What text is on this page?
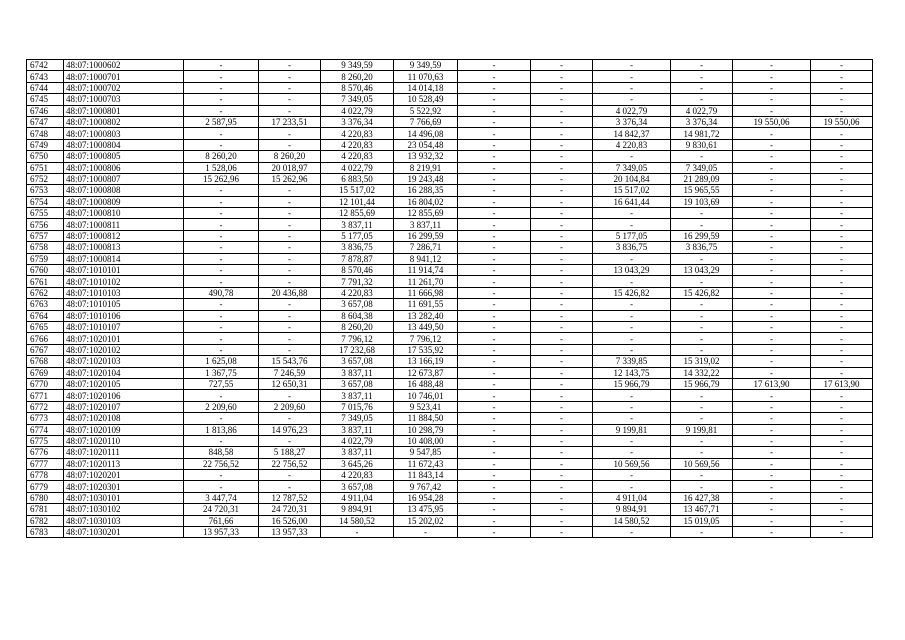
6742	48:07:1000602	-	-	9 349,59	9 349,59	-	-	-	-	-	-
6743	48:07:1000701	-	-	8 260,20	11 070,63	-	-	-	-	-	-
6744	48:07:1000702	-	-	8 570,46	14 014,18	-	-	-	-	-	-
6745	48:07:1000703	-	-	7 349,05	10 528,49	-	-	-	-	-	-
6746	48:07:1000801	-	-	4 022,79	5 522,92	-	-	4 022,79	4 022,79	-	-
6747	48:07:1000802	2 587,95	17 233,51	3 376,34	7 766,69	-	-	3 376,34	3 376,34	19 550,06	19 550,06
6748	48:07:1000803	-	-	4 220,83	14 496,08	-	-	14 842,37	14 981,72	-	-
6749	48:07:1000804	-	-	4 220,83	23 054,48	-	-	4 220,83	9 830,61	-	-
6750	48:07:1000805	8 260,20	8 260,20	4 220,83	13 932,32	-	-	-	-	-	-
6751	48:07:1000806	1 528,06	20 018,97	4 022,79	8 219,91	-	-	7 349,05	7 349,05	-	-
6752	48:07:1000807	15 262,96	15 262,96	6 883,50	19 243,48	-	-	20 104,84	21 289,09	-	-
6753	48:07:1000808	-	-	15 517,02	16 288,35	-	-	15 517,02	15 965,55	-	-
6754	48:07:1000809	-	-	12 101,44	16 804,02	-	-	16 641,44	19 103,69	-	-
6755	48:07:1000810	-	-	12 855,69	12 855,69	-	-	-	-	-	-
6756	48:07:1000811	-	-	3 837,11	3 837,11	-	-	-	-	-	-
6757	48:07:1000812	-	-	5 177,05	16 299,59	-	-	5 177,05	16 299,59	-	-
6758	48:07:1000813	-	-	3 836,75	7 286,71	-	-	3 836,75	3 836,75	-	-
6759	48:07:1000814	-	-	7 878,87	8 941,12	-	-	-	-	-	-
6760	48:07:1010101	-	-	8 570,46	11 914,74	-	-	13 043,29	13 043,29	-	-
6761	48:07:1010102	-	-	7 791,32	11 261,70	-	-	-	-	-	-
6762	48:07:1010103	490,78	20 436,88	4 220,83	11 666,98	-	-	15 426,82	15 426,82	-	-
6763	48:07:1010105	-	-	3 657,08	11 691,55	-	-	-	-	-	-
6764	48:07:1010106	-	-	8 604,38	13 282,40	-	-	-	-	-	-
6765	48:07:1010107	-	-	8 260,20	13 449,50	-	-	-	-	-	-
6766	48:07:1020101	-	-	7 796,12	7 796,12	-	-	-	-	-	-
6767	48:07:1020102	-	-	17 232,68	17 535,92	-	-	-	-	-	-
6768	48:07:1020103	1 625,08	15 543,76	3 657,08	13 166,19	-	-	7 339,85	15 319,02	-	-
6769	48:07:1020104	1 367,75	7 246,59	3 837,11	12 673,87	-	-	12 143,75	14 332,22	-	-
6770	48:07:1020105	727,55	12 650,31	3 657,08	16 488,48	-	-	15 966,79	15 966,79	17 613,90	17 613,90
6771	48:07:1020106	-	-	3 837,11	10 746,01	-	-	-	-	-	-
6772	48:07:1020107	2 209,60	2 209,60	7 015,76	9 523,41	-	-	-	-	-	-
6773	48:07:1020108	-	-	7 349,05	11 884,50	-	-	-	-	-	-
6774	48:07:1020109	1 813,86	14 976,23	3 837,11	10 298,79	-	-	9 199,81	9 199,81	-	-
6775	48:07:1020110	-	-	4 022,79	10 408,00	-	-	-	-	-	-
6776	48:07:1020111	848,58	5 188,27	3 837,11	9 547,85	-	-	-	-	-	-
6777	48:07:1020113	22 756,52	22 756,52	3 645,26	11 672,43	-	-	10 569,56	10 569,56	-	-
6778	48:07:1020201	-	-	4 220,83	11 843,14	-	-	-	-	-	-
6779	48:07:1020301	-	-	3 657,08	9 767,42	-	-	-	-	-	-
6780	48:07:1030101	3 447,74	12 787,52	4 911,04	16 954,28	-	-	4 911,04	16 427,38	-	-
6781	48:07:1030102	24 720,31	24 720,31	9 894,91	13 475,95	-	-	9 894,91	13 467,71	-	-
6782	48:07:1030103	761,66	16 526,00	14 580,52	15 202,02	-	-	14 580,52	15 019,05	-	-
6783	48:07:1030201	13 957,33	13 957,33	-	-	-	-	-	-	-	-
